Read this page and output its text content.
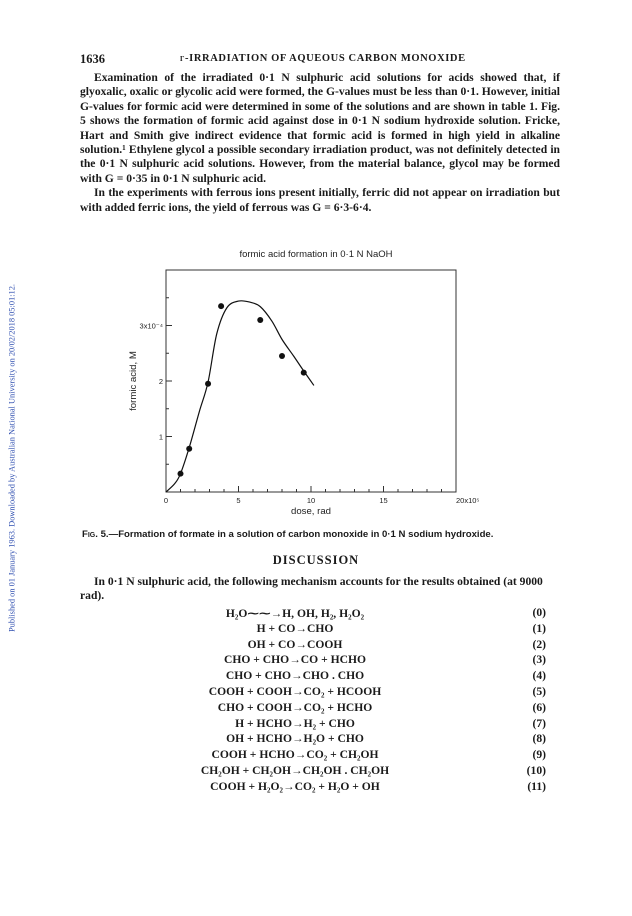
Published on 01 January 1963. Downloaded by Australian National University on 20/02/2018 05:01:12.
1636	γ-IRRADIATION OF AQUEOUS CARBON MONOXIDE

Examination of the irradiated 0·1 N sulphuric acid solutions for acids showed that, if glyoxalic, oxalic or glycolic acid were formed, the G-values must be less than 0·1. However, initial G-values for formic acid were determined in some of the solutions and are shown in table 1. Fig. 5 shows the formation of formic acid against dose in 0·1 N sodium hydroxide solution. Fricke, Hart and Smith give indirect evidence that formic acid is formed in high yield in alkaline solution.¹ Ethylene glycol a possible secondary irradiation product, was not definitely detected in the 0·1 N sulphuric acid solutions. However, from the material balance, glycol may be formed with G = 0·35 in 0·1 N sulphuric acid.

In the experiments with ferrous ions present initially, ferric did not appear on irradiation but with added ferric ions, the yield of ferrous was G = 6·3-6·4.

formic acid formation in 0·1 N NaOH
0	5	10	15	20x10⁵
1
2
3x10⁻⁴
dose, rad
formic acid, M
Fig. 5.—Formation of formate in a solution of carbon monoxide in 0·1 N sodium hydroxide.
DISCUSSION
In 0·1 N sulphuric acid, the following mechanism accounts for the results obtained (at 9000 rad).
H₂O⁓⁓→H, OH, H₂, H₂O₂	(0)
H + CO→CHO	(1)
OH + CO→COOH	(2)
CHO + CHO→CO + HCHO	(3)
CHO + CHO→CHO . CHO	(4)
COOH + COOH→CO₂ + HCOOH	(5)
CHO + COOH→CO₂ + HCHO	(6)
H + HCHO→H₂ + CHO	(7)
OH + HCHO→H₂O + CHO	(8)
COOH + HCHO→CO₂ + CH₂OH	(9)
CH₂OH + CH₂OH→CH₂OH . CH₂OH	(10)
COOH + H₂O₂→CO₂ + H₂O + OH	(11)
